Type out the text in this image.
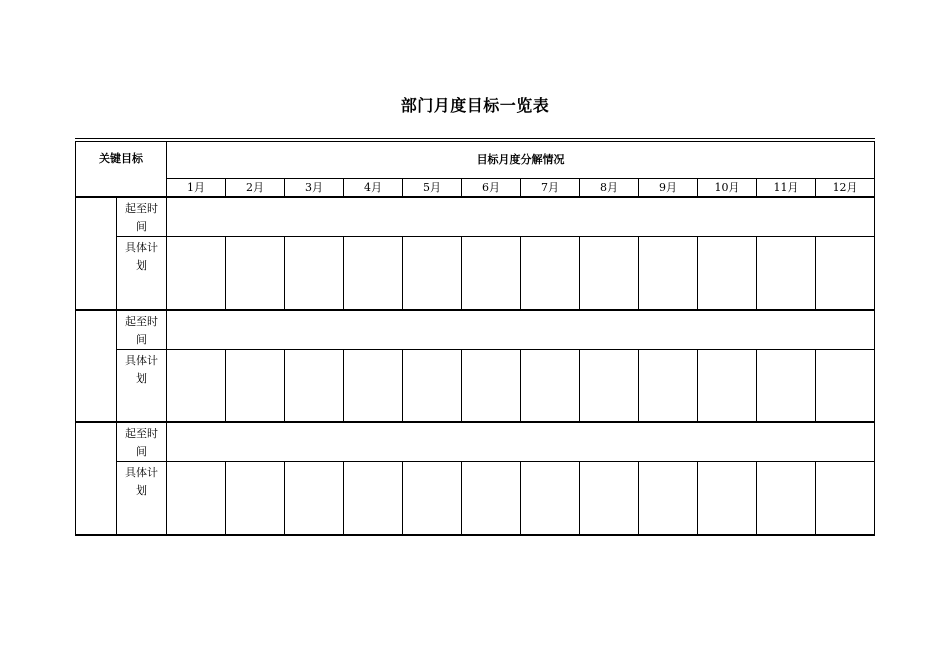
部门月度目标一览表
关键目标		目标月度分解情况											
		1月	2月	3月	4月	5月	6月	7月	8月	9月	10月	11月	12月

	起至时
间												

	具体计
划												

	起至时
间												

	具体计
划												

	起至时
间												

	具体计
划												
